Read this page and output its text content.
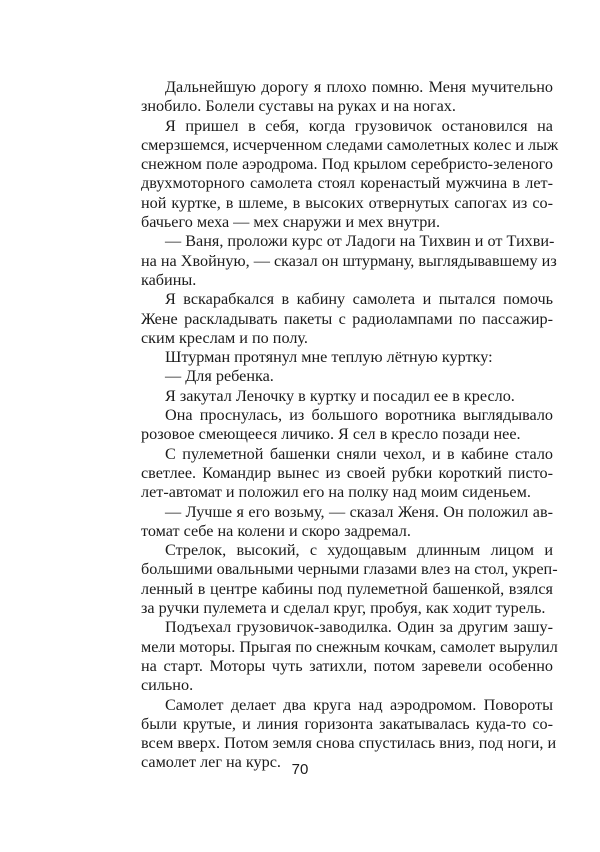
Дальнейшую дорогу я плохо помню. Меня мучительно
знобило. Болели суставы на руках и на ногах.
Я пришел в себя, когда грузовичок остановился на
смерзшемся, исчерченном следами самолетных колес и лыж
снежном поле аэродрома. Под крылом серебристо-зеленого
двухмоторного самолета стоял коренастый мужчина в лет-
ной куртке, в шлеме, в высоких отвернутых сапогах из со-
бачьего меха — мех снаружи и мех внутри.
— Ваня, проложи курс от Ладоги на Тихвин и от Тихви-
на на Хвойную, — сказал он штурману, выглядывавшему из
кабины.
Я вскарабкался в кабину самолета и пытался помочь
Жене раскладывать пакеты с радиолампами по пассажир-
ским креслам и по полу.
Штурман протянул мне теплую лётную куртку:
— Для ребенка.
Я закутал Леночку в куртку и посадил ее в кресло.
Она проснулась, из большого воротника выглядывало
розовое смеющееся личико. Я сел в кресло позади нее.
С пулеметной башенки сняли чехол, и в кабине стало
светлее. Командир вынес из своей рубки короткий писто-
лет-автомат и положил его на полку над моим сиденьем.
— Лучше я его возьму, — сказал Женя. Он положил ав-
томат себе на колени и скоро задремал.
Стрелок, высокий, с худощавым длинным лицом и
большими овальными черными глазами влез на стол, укреп-
ленный в центре кабины под пулеметной башенкой, взялся
за ручки пулемета и сделал круг, пробуя, как ходит турель.
Подъехал грузовичок-заводилка. Один за другим зашу-
мели моторы. Прыгая по снежным кочкам, самолет вырулил
на старт. Моторы чуть затихли, потом заревели особенно
сильно.
Самолет делает два круга над аэродромом. Повороты
были крутые, и линия горизонта закатывалась куда-то со-
всем вверх. Потом земля снова спустилась вниз, под ноги, и
самолет лег на курс. 70
